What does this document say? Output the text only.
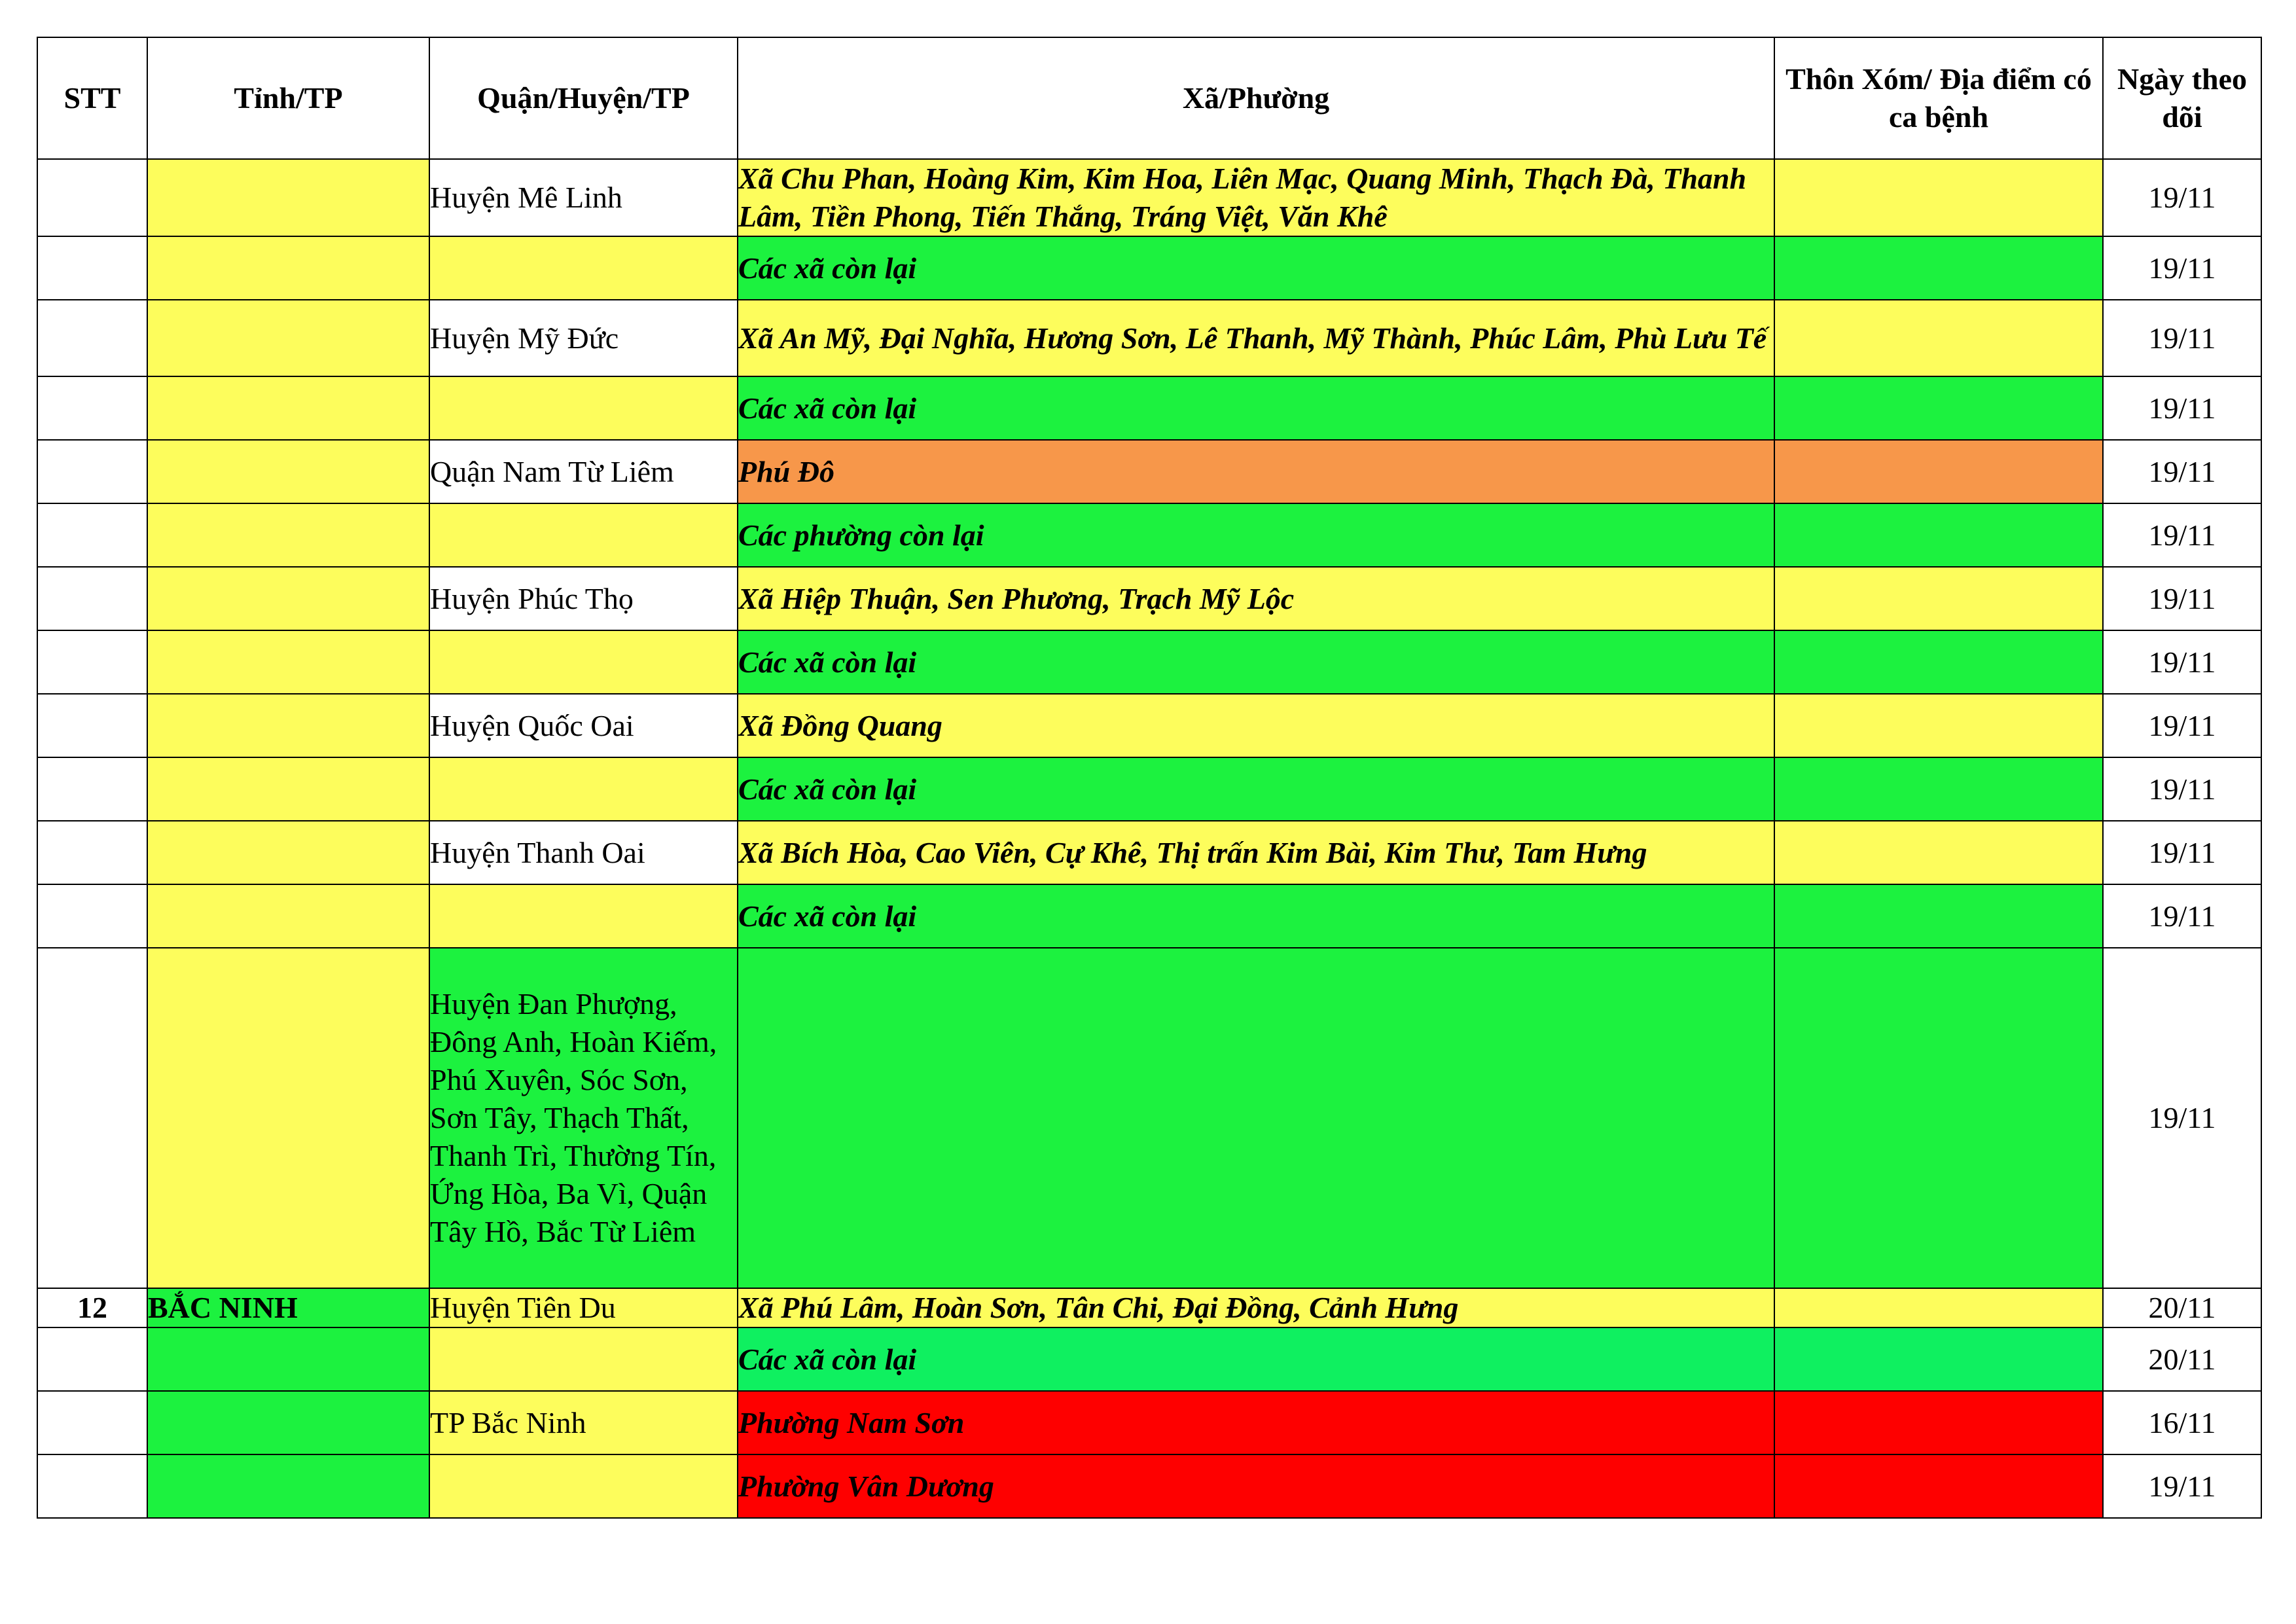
STT	Tỉnh/TP	Quận/Huyện/TP	Xã/Phường	Thôn Xóm/ Địa điểm có ca bệnh	Ngày theo dõi
		Huyện Mê Linh	Xã Chu Phan, Hoàng Kim, Kim Hoa, Liên Mạc, Quang Minh, Thạch Đà, Thanh Lâm, Tiền Phong, Tiến Thắng, Tráng Việt, Văn Khê		19/11
			Các xã còn lại		19/11
		Huyện Mỹ Đức	Xã An Mỹ, Đại Nghĩa, Hương Sơn, Lê Thanh, Mỹ Thành, Phúc Lâm, Phù Lưu Tế		19/11
			Các xã còn lại		19/11
		Quận Nam Từ Liêm	Phú Đô		19/11
			Các phường còn lại		19/11
		Huyện Phúc Thọ	Xã Hiệp Thuận, Sen Phương, Trạch Mỹ Lộc		19/11
			Các xã còn lại		19/11
		Huyện Quốc Oai	Xã Đồng Quang		19/11
			Các xã còn lại		19/11
		Huyện Thanh Oai	Xã Bích Hòa, Cao Viên, Cự Khê, Thị trấn Kim Bài, Kim Thư, Tam Hưng		19/11
			Các xã còn lại		19/11
		Huyện Đan Phượng, Đông Anh, Hoàn Kiếm, Phú Xuyên, Sóc Sơn, Sơn Tây, Thạch Thất, Thanh Trì, Thường Tín, Ứng Hòa, Ba Vì, Quận Tây Hồ, Bắc Từ Liêm			19/11
12	BẮC NINH	Huyện Tiên Du	Xã Phú Lâm, Hoàn Sơn, Tân Chi, Đại Đồng, Cảnh Hưng		20/11
			Các xã còn lại		20/11
		TP Bắc Ninh	Phường Nam Sơn		16/11
			Phường Vân Dương		19/11
